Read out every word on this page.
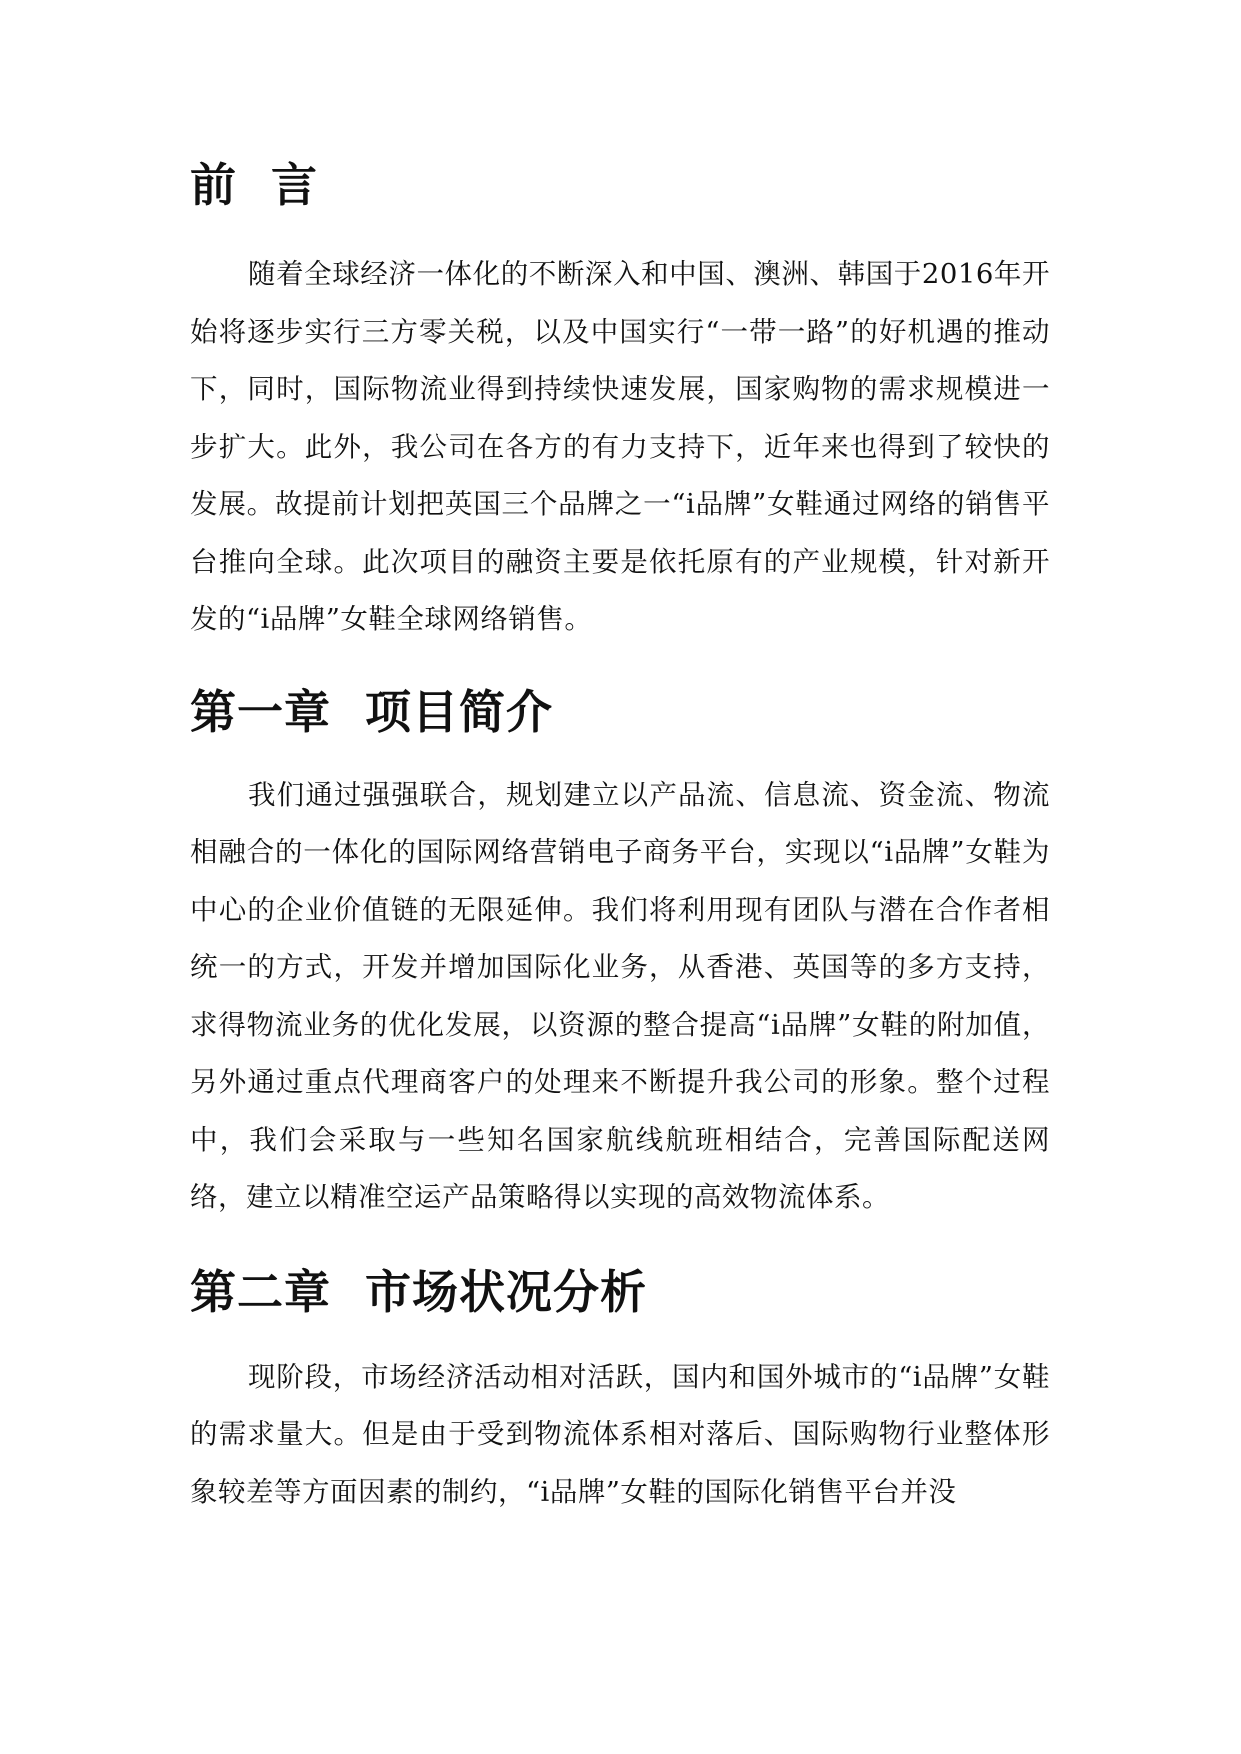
前  言

随着全球经济一体化的不断深入和中国、澳洲、韩国于2016年开始将逐步实行三方零关税，以及中国实行“一带一路”的好机遇的推动下，同时，国际物流业得到持续快速发展，国家购物的需求规模进一步扩大。此外，我公司在各方的有力支持下，近年来也得到了较快的发展。故提前计划把英国三个品牌之一“i品牌”女鞋通过网络的销售平台推向全球。此次项目的融资主要是依托原有的产业规模，针对新开发的“i品牌”女鞋全球网络销售。

第一章  项目简介

我们通过强强联合，规划建立以产品流、信息流、资金流、物流相融合的一体化的国际网络营销电子商务平台，实现以“i品牌”女鞋为中心的企业价值链的无限延伸。我们将利用现有团队与潜在合作者相统一的方式，开发并增加国际化业务，从香港、英国等的多方支持，求得物流业务的优化发展，以资源的整合提高“i品牌”女鞋的附加值，另外通过重点代理商客户的处理来不断提升我公司的形象。整个过程中，我们会采取与一些知名国家航线航班相结合，完善国际配送网络，建立以精准空运产品策略得以实现的高效物流体系。

第二章  市场状况分析

现阶段，市场经济活动相对活跃，国内和国外城市的“i品牌”女鞋的需求量大。但是由于受到物流体系相对落后、国际购物行业整体形象较差等方面因素的制约，“i品牌”女鞋的国际化销售平台并没
